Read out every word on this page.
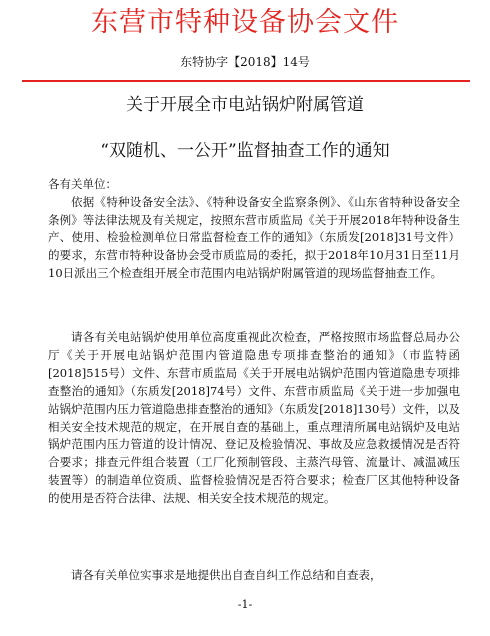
东营市特种设备协会文件
东特协字【2018】14号
关于开展全市电站锅炉附属管道
“双随机、一公开”监督抽查工作的通知
各有关单位：

依据《特种设备安全法》、《特种设备安全监察条例》、《山东省特种设备安全条例》等法律法规及有关规定，按照东营市质监局《关于开展2018年特种设备生产、使用、检验检测单位日常监督检查工作的通知》（东质发[2018]31号文件）的要求，东营市特种设备协会受市质监局的委托，拟于2018年10月31日至11月10日派出三个检查组开展全市范围内电站锅炉附属管道的现场监督抽查工作。

请各有关电站锅炉使用单位高度重视此次检查，严格按照市场监督总局办公厅《关于开展电站锅炉范围内管道隐患专项排查整治的通知》（市监特函[2018]515号）文件、东营市质监局《关于开展电站锅炉范围内管道隐患专项排查整治的通知》（东质发[2018]74号）文件、东营市质监局《关于进一步加强电站锅炉范围内压力管道隐患排查整治的通知》（东质发[2018]130号）文件，以及相关安全技术规范的规定，在开展自查的基础上，重点理清所属电站锅炉及电站锅炉范围内压力管道的设计情况、登记及检验情况、事故及应急救援情况是否符合要求；排查元件组合装置（工厂化预制管段、主蒸汽母管、流量计、减温减压装置等）的制造单位资质、监督检验情况是否符合要求；检查厂区其他特种设备的使用是否符合法律、法规、相关安全技术规范的规定。

请各有关单位实事求是地提供出自查自纠工作总结和自查表，

-1-
